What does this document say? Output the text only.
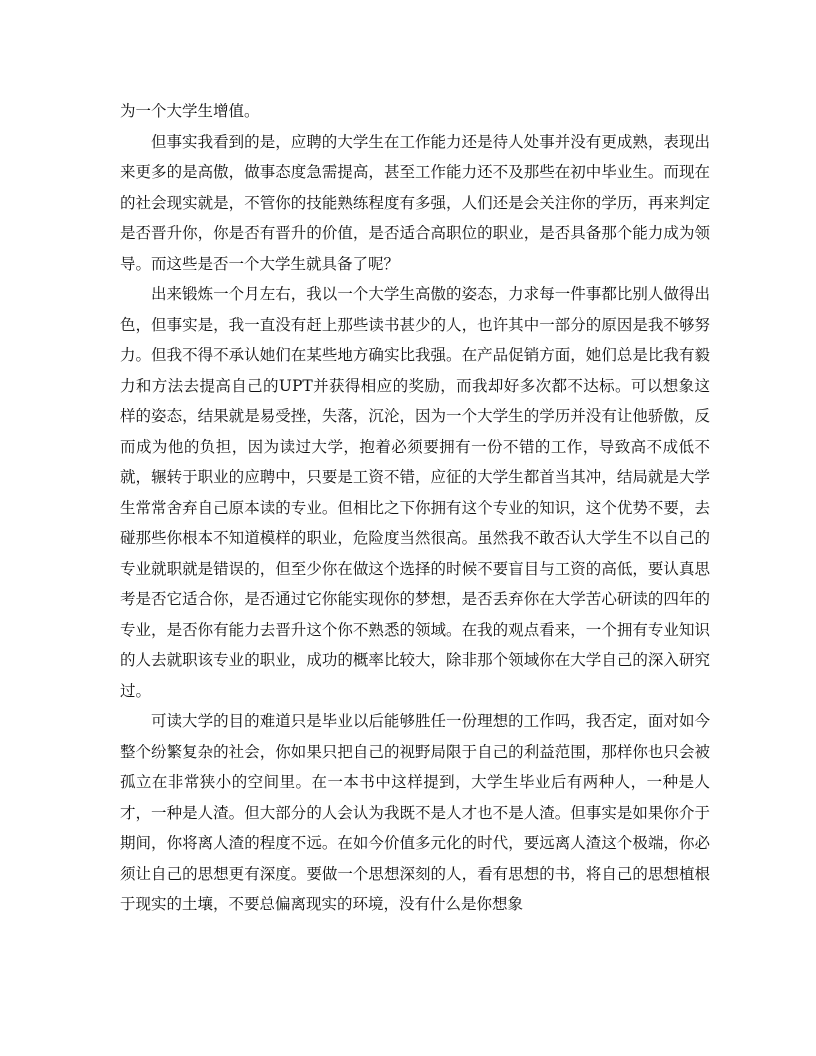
为一个大学生增值。

但事实我看到的是，应聘的大学生在工作能力还是待人处事并没有更成熟，表现出来更多的是高傲，做事态度急需提高，甚至工作能力还不及那些在初中毕业生。而现在的社会现实就是，不管你的技能熟练程度有多强，人们还是会关注你的学历，再来判定是否晋升你，你是否有晋升的价值，是否适合高职位的职业，是否具备那个能力成为领导。而这些是否一个大学生就具备了呢？

出来锻炼一个月左右，我以一个大学生高傲的姿态，力求每一件事都比别人做得出色，但事实是，我一直没有赶上那些读书甚少的人，也许其中一部分的原因是我不够努力。但我不得不承认她们在某些地方确实比我强。在产品促销方面，她们总是比我有毅力和方法去提高自己的UPT并获得相应的奖励，而我却好多次都不达标。可以想象这样的姿态，结果就是易受挫，失落，沉沦，因为一个大学生的学历并没有让他骄傲，反而成为他的负担，因为读过大学，抱着必须要拥有一份不错的工作，导致高不成低不就，辗转于职业的应聘中，只要是工资不错，应征的大学生都首当其冲，结局就是大学生常常舍弃自己原本读的专业。但相比之下你拥有这个专业的知识，这个优势不要，去碰那些你根本不知道模样的职业，危险度当然很高。虽然我不敢否认大学生不以自己的专业就职就是错误的，但至少你在做这个选择的时候不要盲目与工资的高低，要认真思考是否它适合你，是否通过它你能实现你的梦想，是否丢弃你在大学苦心研读的四年的专业，是否你有能力去晋升这个你不熟悉的领域。在我的观点看来，一个拥有专业知识的人去就职该专业的职业，成功的概率比较大，除非那个领域你在大学自己的深入研究过。

可读大学的目的难道只是毕业以后能够胜任一份理想的工作吗，我否定，面对如今整个纷繁复杂的社会，你如果只把自己的视野局限于自己的利益范围，那样你也只会被孤立在非常狭小的空间里。在一本书中这样提到，大学生毕业后有两种人，一种是人才，一种是人渣。但大部分的人会认为我既不是人才也不是人渣。但事实是如果你介于期间，你将离人渣的程度不远。在如今价值多元化的时代，要远离人渣这个极端，你必须让自己的思想更有深度。要做一个思想深刻的人，看有思想的书，将自己的思想植根于现实的土壤，不要总偏离现实的环境，没有什么是你想象
